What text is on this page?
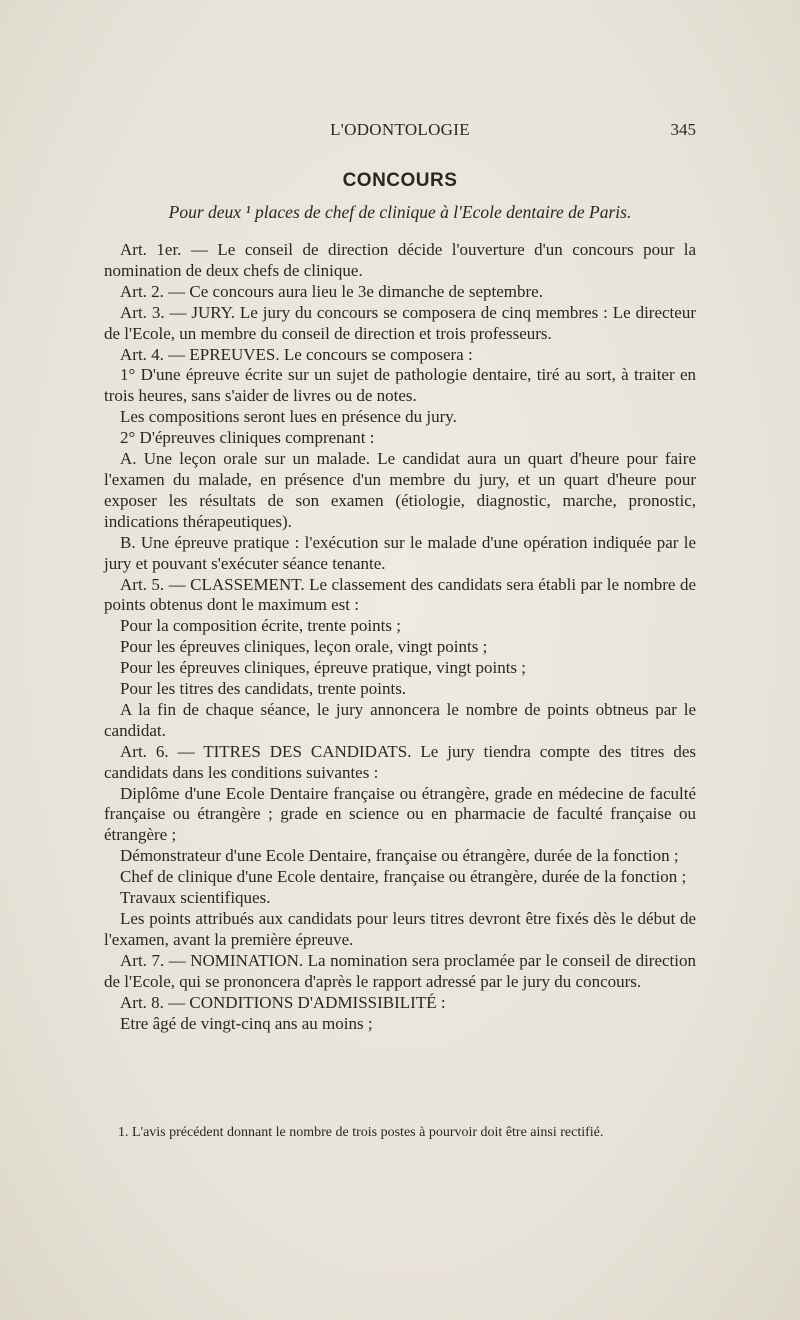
L'ODONTOLOGIE	345
CONCOURS
Pour deux ¹ places de chef de clinique à l'Ecole dentaire de Paris.

Art. 1er. — Le conseil de direction décide l'ouverture d'un concours pour la nomination de deux chefs de clinique.

Art. 2. — Ce concours aura lieu le 3e dimanche de septembre.

Art. 3. — JURY. Le jury du concours se composera de cinq membres : Le directeur de l'Ecole, un membre du conseil de direction et trois professeurs.

Art. 4. — EPREUVES. Le concours se composera :

1° D'une épreuve écrite sur un sujet de pathologie dentaire, tiré au sort, à traiter en trois heures, sans s'aider de livres ou de notes.

Les compositions seront lues en présence du jury.

2° D'épreuves cliniques comprenant :

A. Une leçon orale sur un malade. Le candidat aura un quart d'heure pour faire l'examen du malade, en présence d'un membre du jury, et un quart d'heure pour exposer les résultats de son examen (étiologie, diagnostic, marche, pronostic, indications thérapeutiques).

B. Une épreuve pratique : l'exécution sur le malade d'une opération indiquée par le jury et pouvant s'exécuter séance tenante.

Art. 5. — CLASSEMENT. Le classement des candidats sera établi par le nombre de points obtenus dont le maximum est :

Pour la composition écrite, trente points ;

Pour les épreuves cliniques, leçon orale, vingt points ;

Pour les épreuves cliniques, épreuve pratique, vingt points ;

Pour les titres des candidats, trente points.

A la fin de chaque séance, le jury annoncera le nombre de points obtneus par le candidat.

Art. 6. — TITRES DES CANDIDATS. Le jury tiendra compte des titres des candidats dans les conditions suivantes :

Diplôme d'une Ecole Dentaire française ou étrangère, grade en médecine de faculté française ou étrangère ; grade en science ou en pharmacie de faculté française ou étrangère ;

Démonstrateur d'une Ecole Dentaire, française ou étrangère, durée de la fonction ;

Chef de clinique d'une Ecole dentaire, française ou étrangère, durée de la fonction ;

Travaux scientifiques.

Les points attribués aux candidats pour leurs titres devront être fixés dès le début de l'examen, avant la première épreuve.

Art. 7. — NOMINATION. La nomination sera proclamée par le conseil de direction de l'Ecole, qui se prononcera d'après le rapport adressé par le jury du concours.

Art. 8. — CONDITIONS D'ADMISSIBILITÉ :

Etre âgé de vingt-cinq ans au moins ;

1. L'avis précédent donnant le nombre de trois postes à pourvoir doit être ainsi rectifié.
